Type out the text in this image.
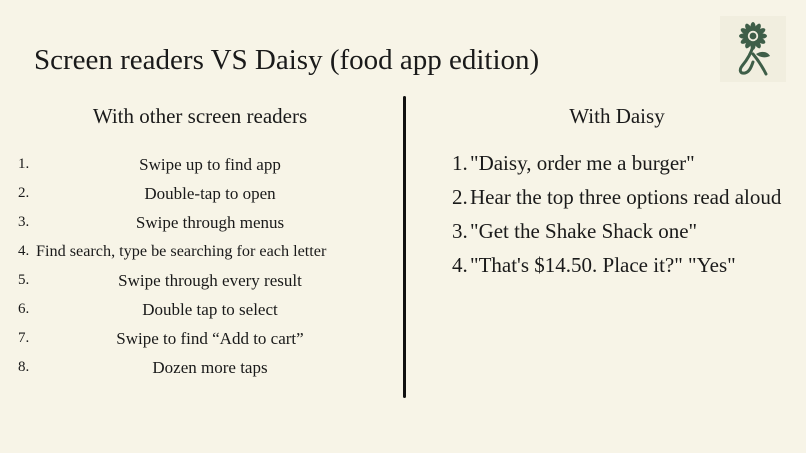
Screen readers VS Daisy (food app edition)
With other screen readers	With Daisy
1.	Swipe up to find app
2.	Double-tap to open
3.	Swipe through menus
4. Find search, type be searching for each letter
5.	Swipe through every result
6.	Double tap to select
7.	Swipe to find “Add to cart”
8.	Dozen more taps
1. "Daisy, order me a burger"
2. Hear the top three options read aloud
3. "Get the Shake Shack one"
4. "That's $14.50. Place it?" "Yes"
